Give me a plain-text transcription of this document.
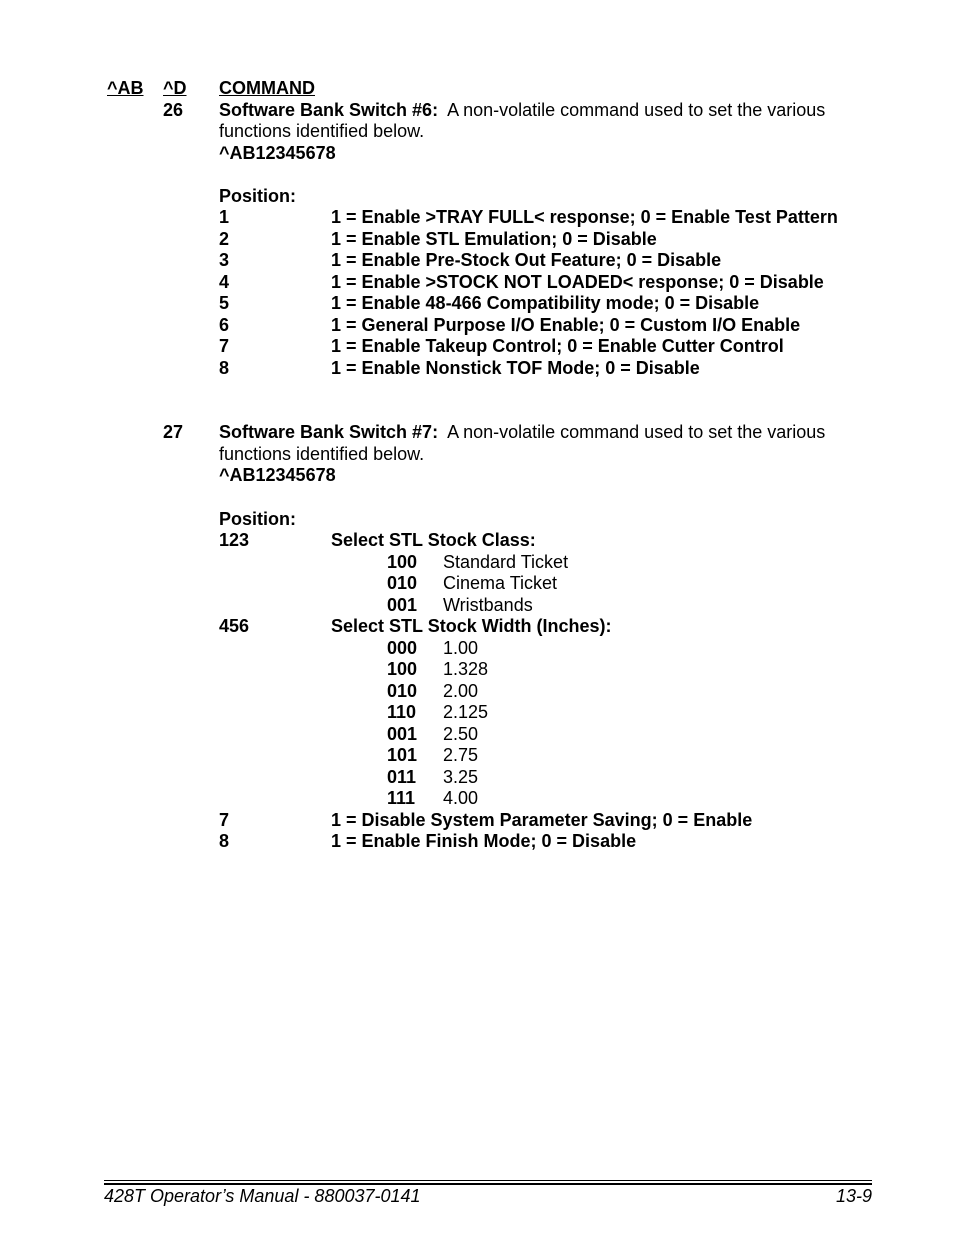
^AB ^D COMMAND
26 Software Bank Switch #6: A non-volatile command used to set the various
functions identified below.
^AB12345678
Position:
1	1 = Enable >TRAY FULL< response; 0 = Enable Test Pattern
2	1 = Enable STL Emulation; 0 = Disable
3	1 = Enable Pre-Stock Out Feature; 0 = Disable
4	1 = Enable >STOCK NOT LOADED< response; 0 = Disable
5	1 = Enable 48-466 Compatibility mode; 0 = Disable
6	1 = General Purpose I/O Enable; 0 = Custom I/O Enable
7	1 = Enable Takeup Control; 0 = Enable Cutter Control
8	1 = Enable Nonstick TOF Mode; 0 = Disable
27 Software Bank Switch #7: A non-volatile command used to set the various
functions identified below.
^AB12345678
Position:
123	Select STL Stock Class:
100 Standard Ticket
010 Cinema Ticket
001 Wristbands
456	Select STL Stock Width (Inches):
000 1.00
100 1.328
010 2.00
110 2.125
001 2.50
101 2.75
011 3.25
111 4.00
7	1 = Disable System Parameter Saving; 0 = Enable
8	1 = Enable Finish Mode; 0 = Disable
428T Operator’s Manual - 880037-0141	13-9
